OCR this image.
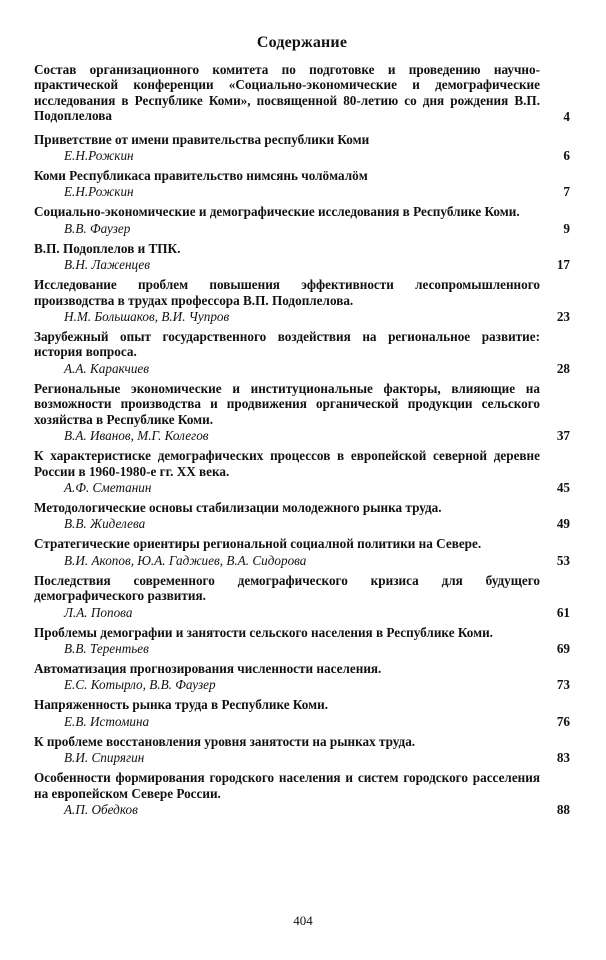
Содержание

Состав организационного комитета по подготовке и проведению научно-практической конференции «Социально-экономические и демографические исследования в Республике Коми», посвященной 80-летию со дня рождения В.П. Подоплелова	4

Приветствие от имени правительства республики Коми

Е.Н.Рожкин	6

Коми Республикаса правительство нимсянь чолӧмалӧм

Е.Н.Рожкин	7

Социально-экономические и демографические исследования в Республике Коми.

В.В. Фаузер	9

В.П. Подоплелов и ТПК.

В.Н. Лаженцев	17

Исследование проблем повышения эффективности лесопромышленного производства в трудах профессора В.П. Подоплелова.

Н.М. Большаков, В.И. Чупров	23

Зарубежный опыт государственного воздействия на региональное развитие: история вопроса.

А.А. Каракчиев	28

Региональные экономические и институциональные факторы, влияющие на возможности производства и продвижения органической продукции сельского хозяйства в Республике Коми.

В.А. Иванов, М.Г. Колегов	37

К характеристиске демографических процессов в европейской северной деревне России в 1960-1980-е гг. XX века.

А.Ф. Сметанин	45

Методологические основы стабилизации молодежного рынка труда.

В.В. Жиделева	49

Стратегические ориентиры региональной социалной политики на Севере.

В.И. Акопов, Ю.А. Гаджиев, В.А. Сидорова	53

Последствия современного демографического кризиса для будущего демографического развития.

Л.А. Попова	61

Проблемы демографии и занятости сельского населения в Республике Коми.

В.В. Терентьев	69

Автоматизация прогнозирования численности населения.

Е.С. Котырло, В.В. Фаузер	73

Напряженность рынка труда в Республике Коми.

Е.В. Истомина	76

К проблеме восстановления уровня занятости на рынках труда.

В.И. Спирягин	83

Особенности формирования городского населения и систем городского расселения на европейском Севере России.

А.П. Обедков	88
404
